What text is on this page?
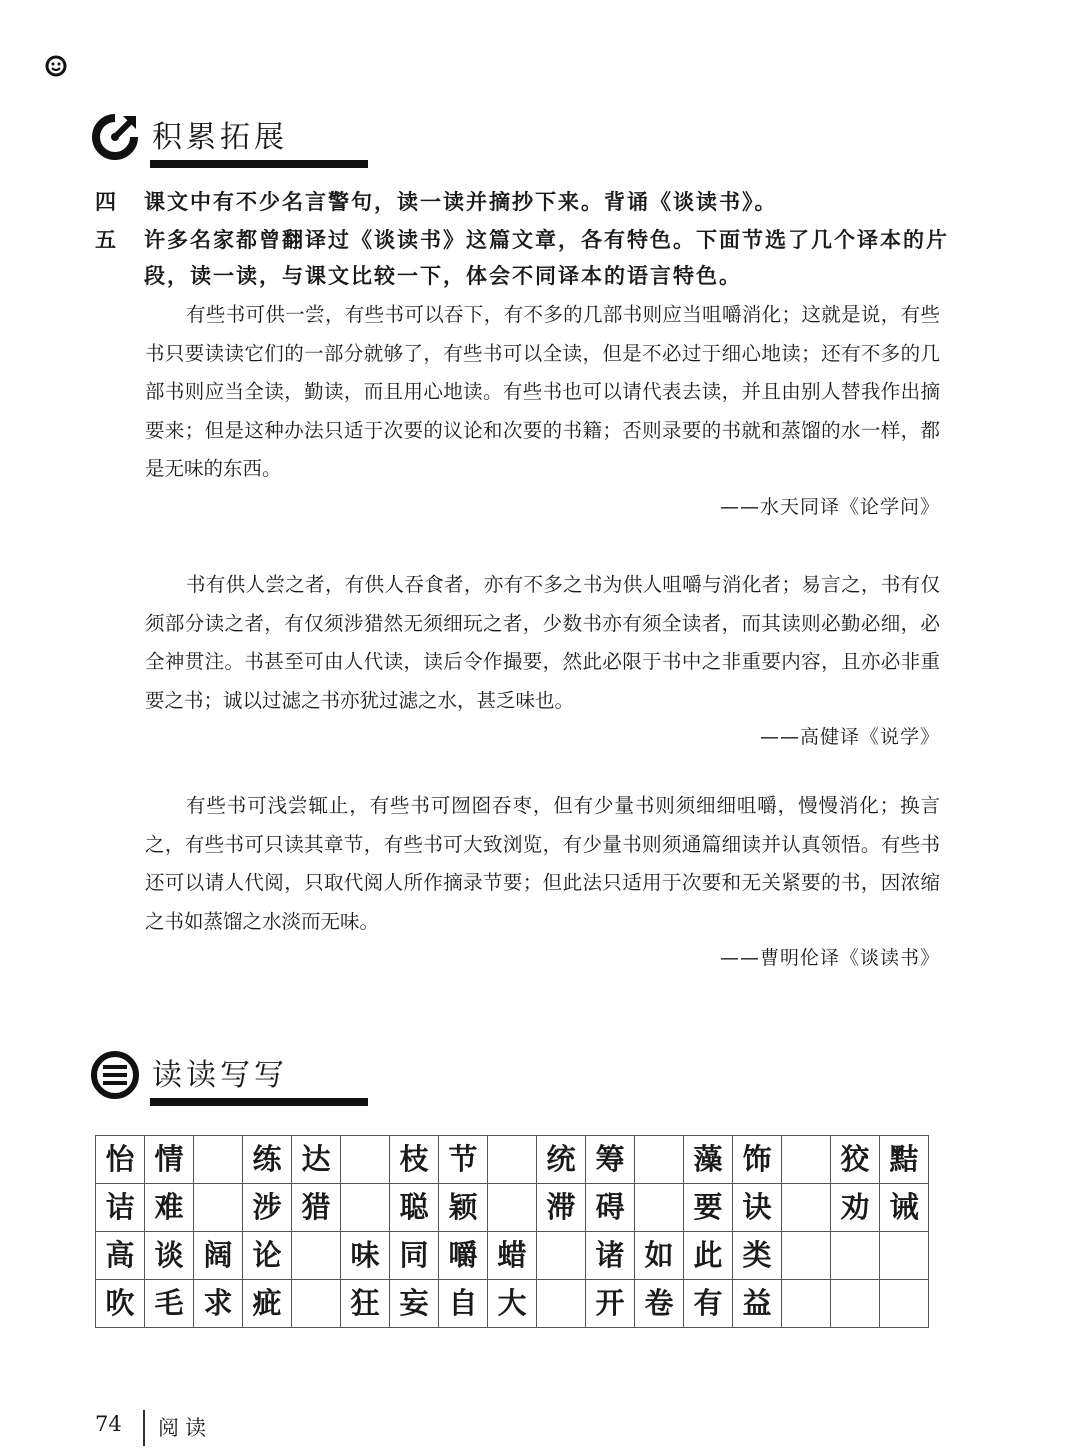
积累拓展
四 课文中有不少名言警句，读一读并摘抄下来。背诵《谈读书》。
五 许多名家都曾翻译过《谈读书》这篇文章，各有特色。下面节选了几个译本的片段，读一读，与课文比较一下，体会不同译本的语言特色。

有些书可供一尝，有些书可以吞下，有不多的几部书则应当咀嚼消化；这就是说，有些书只要读读它们的一部分就够了，有些书可以全读，但是不必过于细心地读；还有不多的几部书则应当全读，勤读，而且用心地读。有些书也可以请代表去读，并且由别人替我作出摘要来；但是这种办法只适于次要的议论和次要的书籍；否则录要的书就和蒸馏的水一样，都是无味的东西。

——水天同译《论学问》

书有供人尝之者，有供人吞食者，亦有不多之书为供人咀嚼与消化者；易言之，书有仅须部分读之者，有仅须涉猎然无须细玩之者，少数书亦有须全读者，而其读则必勤必细，必全神贯注。书甚至可由人代读，读后令作撮要，然此必限于书中之非重要内容，且亦必非重要之书；诚以过滤之书亦犹过滤之水，甚乏味也。

——高健译《说学》

有些书可浅尝辄止，有些书可囫囵吞枣，但有少量书则须细细咀嚼，慢慢消化；换言之，有些书可只读其章节，有些书可大致浏览，有少量书则须通篇细读并认真领悟。有些书还可以请人代阅，只取代阅人所作摘录节要；但此法只适用于次要和无关紧要的书，因浓缩之书如蒸馏之水淡而无味。

——曹明伦译《谈读书》
读读写写
怡	情		练	达		枝	节		统	筹		藻	饰		狡	黠
诘	难		涉	猎		聪	颖		滞	碍		要	诀		劝	诫
高	谈	阔	论		味	同	嚼	蜡		诸	如	此	类			
吹	毛	求	疵		狂	妄	自	大		开	卷	有	益			
74 阅读
